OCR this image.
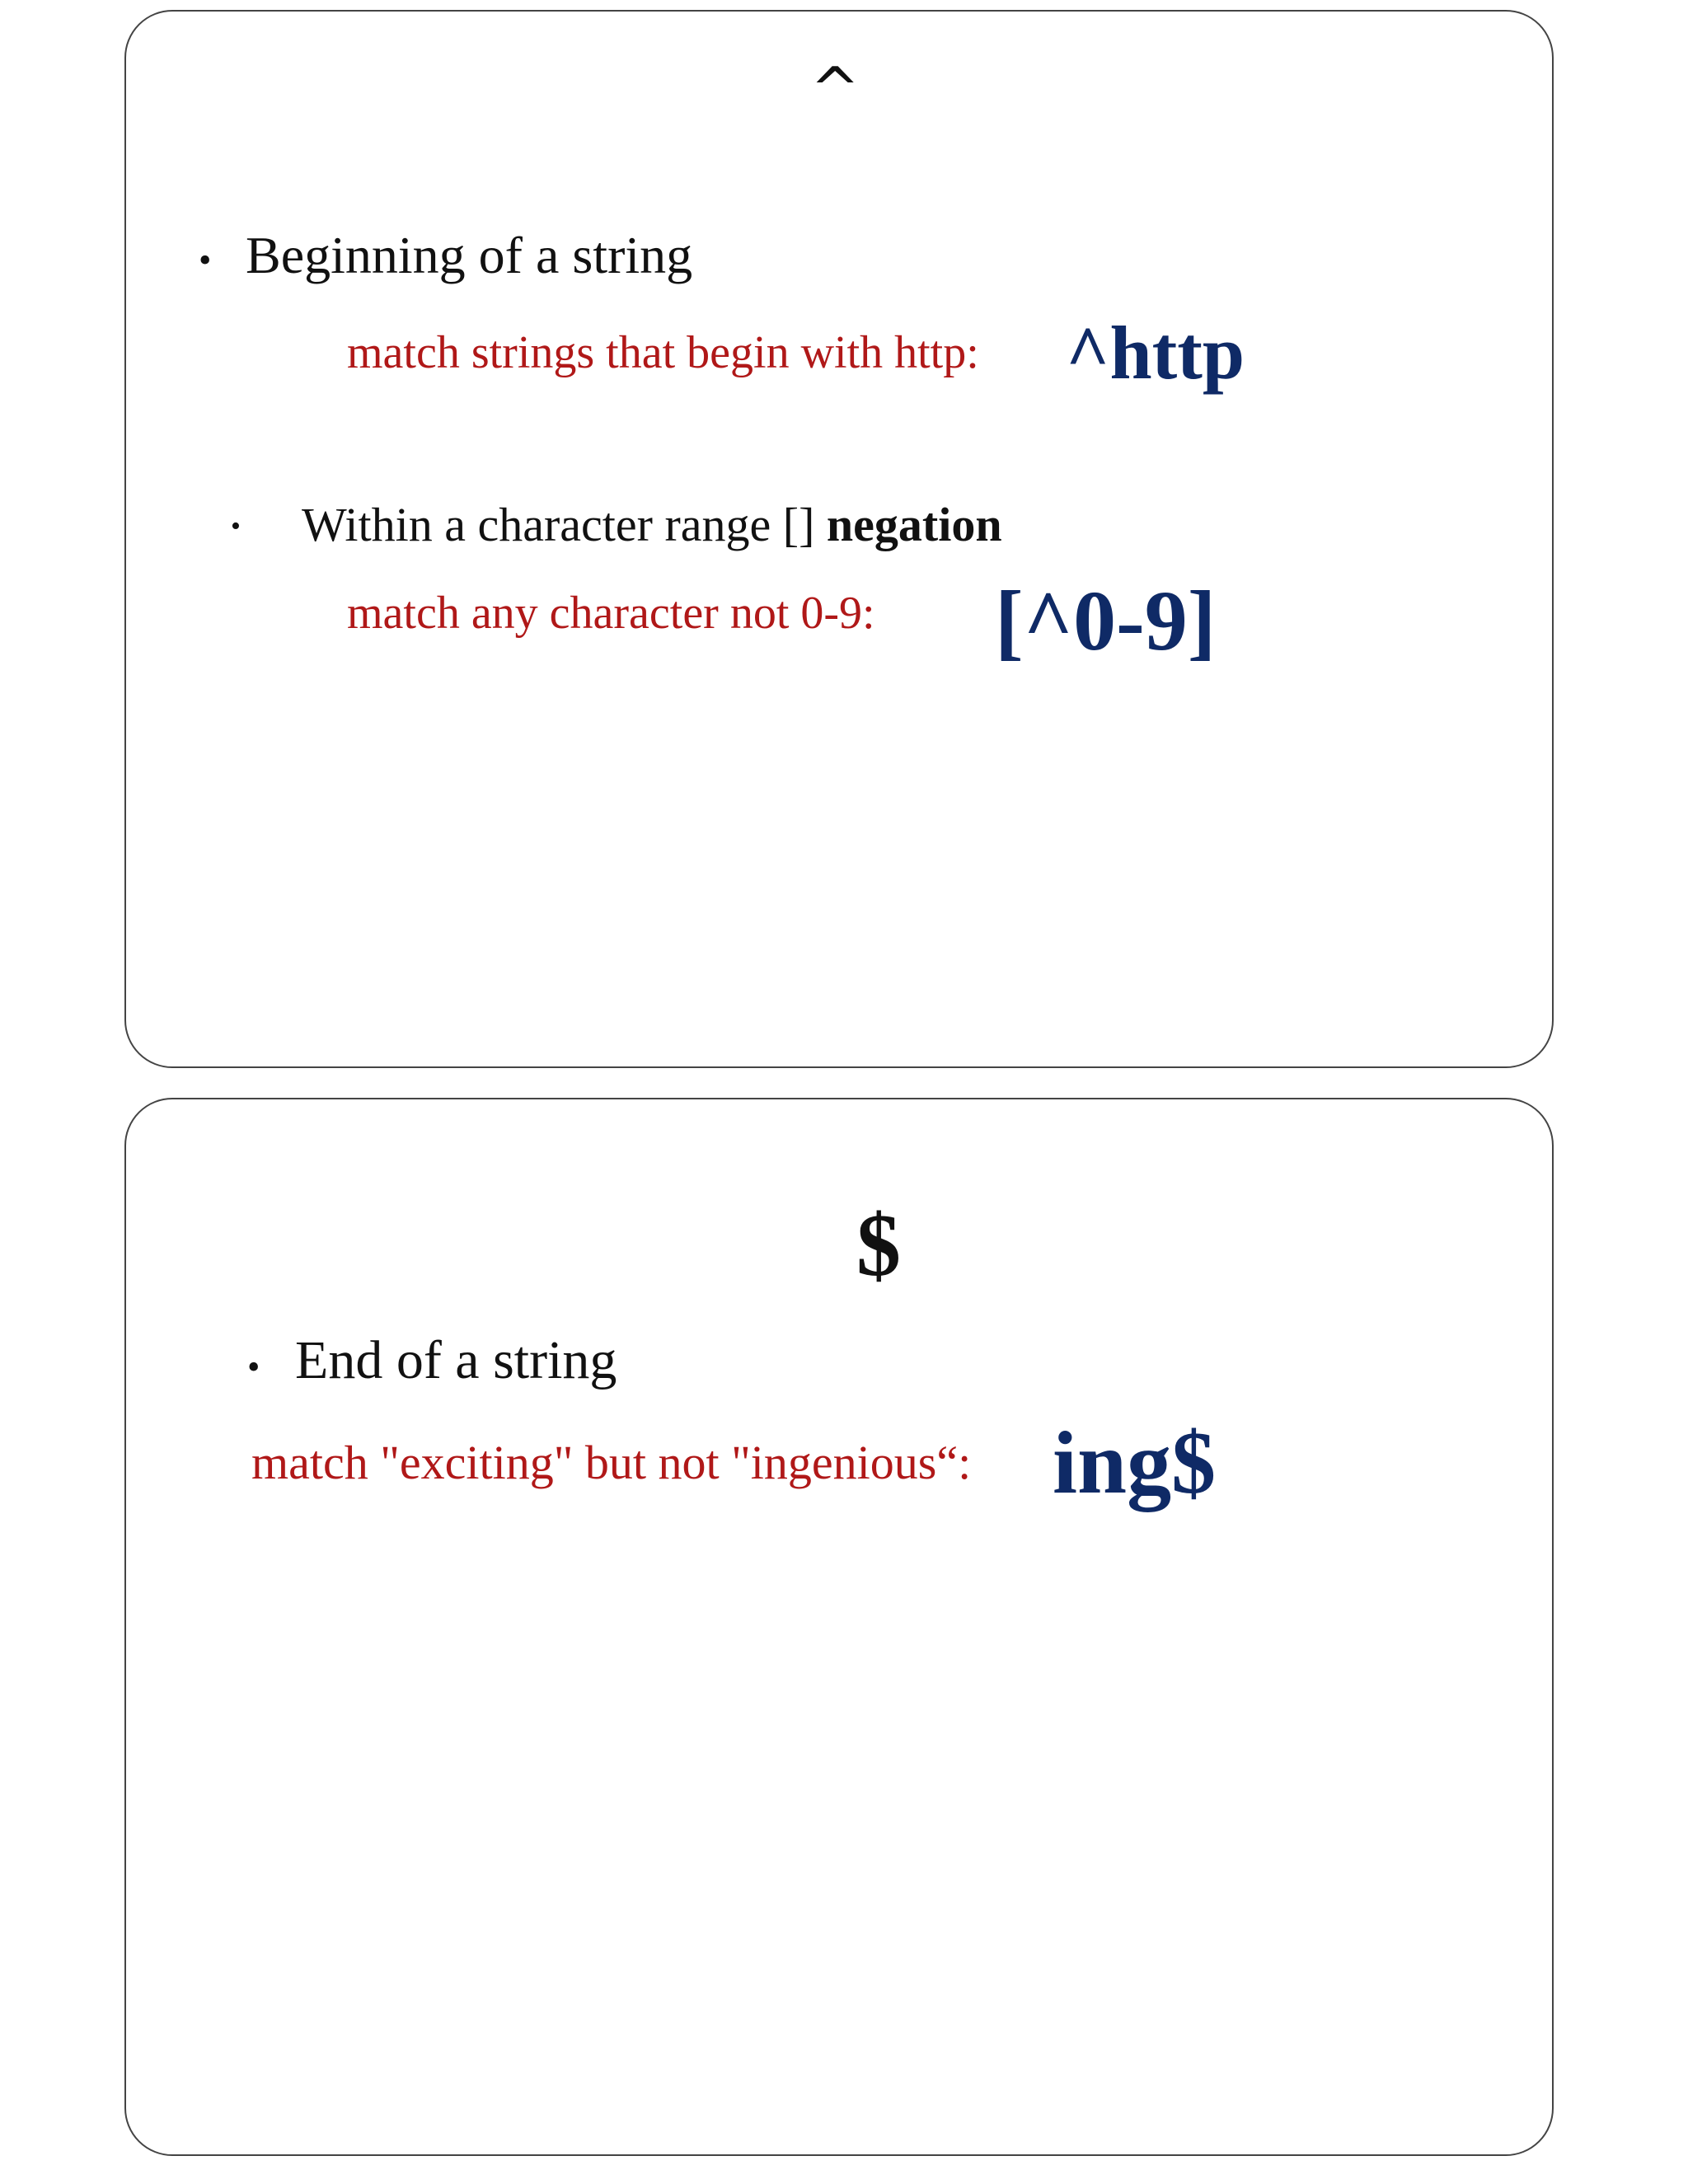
^
• Beginning of a string
match strings that begin with http: ^http
• Within a character range [] negation
match any character not 0-9: [^0-9]
$
• End of a string
match "exciting" but not "ingenious“: ing$
